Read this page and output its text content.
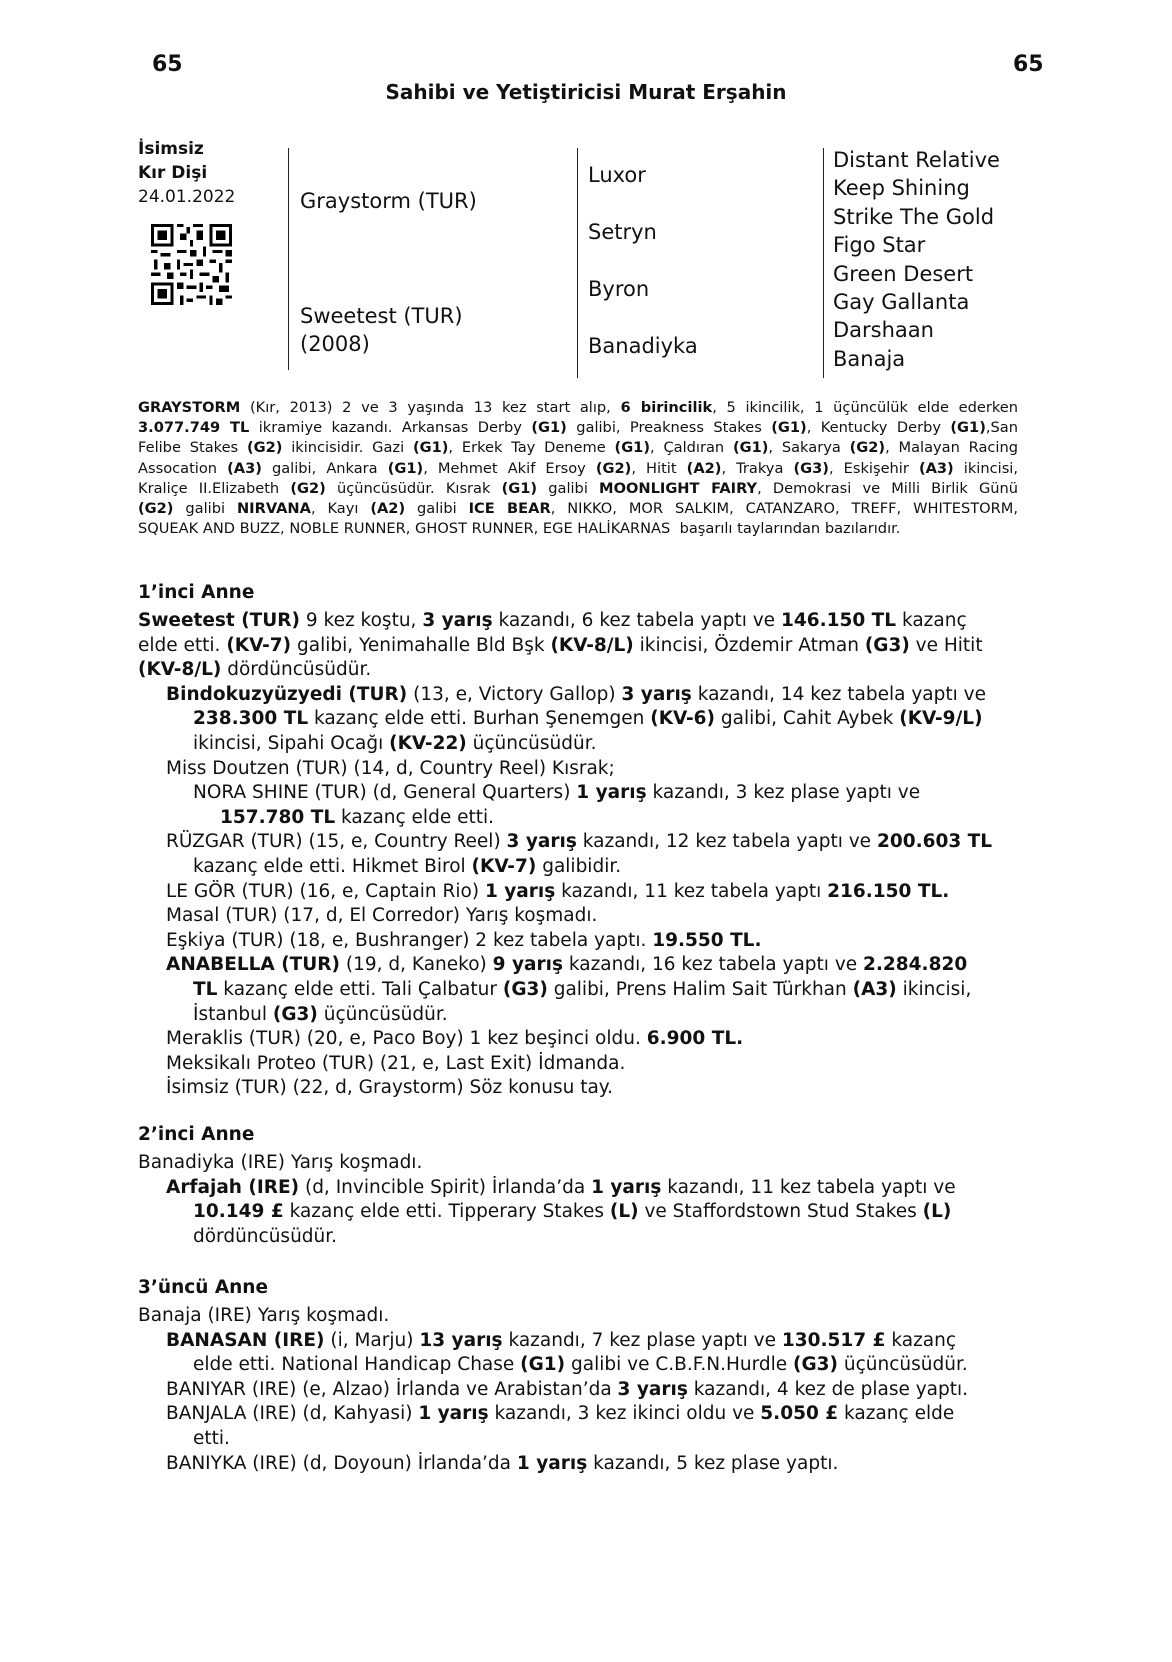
65	65
Sahibi ve Yetiştiricisi Murat Erşahin
İsimsiz
Kır Dişi
24.01.2022	Graystorm (TUR)
Sweetest (TUR)
(2008)
Luxor
Setryn
Byron
Banadiyka
Distant Relative
Keep Shining
Strike The Gold
Figo Star
Green Desert
Gay Gallanta
Darshaan
Banaja
GRAYSTORM (Kır, 2013) 2 ve 3 yaşında 13 kez start alıp, 6 birincilik, 5 ikincilik, 1 üçüncülük elde ederken
3.077.749 TL ikramiye kazandı. Arkansas Derby (G1) galibi, Preakness Stakes (G1), Kentucky Derby (G1),San
Felibe Stakes (G2) ikincisidir. Gazi (G1), Erkek Tay Deneme (G1), Çaldıran (G1), Sakarya (G2), Malayan Racing
Assocation (A3) galibi, Ankara (G1), Mehmet Akif Ersoy (G2), Hitit (A2), Trakya (G3), Eskişehir (A3) ikincisi,
Kraliçe II.Elizabeth (G2) üçüncüsüdür. Kısrak (G1) galibi MOONLIGHT FAIRY, Demokrasi ve Milli Birlik Günü
(G2) galibi NIRVANA, Kayı (A2) galibi ICE BEAR, NIKKO, MOR SALKIM, CATANZARO, TREFF, WHITESTORM,
SQUEAK AND BUZZ, NOBLE RUNNER, GHOST RUNNER, EGE HALİKARNAS  başarılı taylarından bazılarıdır.
1’inci Anne
Sweetest (TUR) 9 kez koştu, 3 yarış kazandı, 6 kez tabela yaptı ve 146.150 TL kazanç
elde etti. (KV-7) galibi, Yenimahalle Bld Bşk (KV-8/L) ikincisi, Özdemir Atman (G3) ve Hitit
(KV-8/L) dördüncüsüdür.
Bindokuzyüzyedi (TUR) (13, e, Victory Gallop) 3 yarış kazandı, 14 kez tabela yaptı ve
238.300 TL kazanç elde etti. Burhan Şenemgen (KV-6) galibi, Cahit Aybek (KV-9/L)
ikincisi, Sipahi Ocağı (KV-22) üçüncüsüdür.
Miss Doutzen (TUR) (14, d, Country Reel) Kısrak;
NORA SHINE (TUR) (d, General Quarters) 1 yarış kazandı, 3 kez plase yaptı ve
157.780 TL kazanç elde etti.
RÜZGAR (TUR) (15, e, Country Reel) 3 yarış kazandı, 12 kez tabela yaptı ve 200.603 TL
kazanç elde etti. Hikmet Birol (KV-7) galibidir.
LE GÖR (TUR) (16, e, Captain Rio) 1 yarış kazandı, 11 kez tabela yaptı 216.150 TL.
Masal (TUR) (17, d, El Corredor) Yarış koşmadı.
Eşkiya (TUR) (18, e, Bushranger) 2 kez tabela yaptı. 19.550 TL.
ANABELLA (TUR) (19, d, Kaneko) 9 yarış kazandı, 16 kez tabela yaptı ve 2.284.820
TL kazanç elde etti. Tali Çalbatur (G3) galibi, Prens Halim Sait Türkhan (A3) ikincisi,
İstanbul (G3) üçüncüsüdür.
Meraklis (TUR) (20, e, Paco Boy) 1 kez beşinci oldu. 6.900 TL.
Meksikalı Proteo (TUR) (21, e, Last Exit) İdmanda.
İsimsiz (TUR) (22, d, Graystorm) Söz konusu tay.
2’inci Anne
Banadiyka (IRE) Yarış koşmadı.
Arfajah (IRE) (d, Invincible Spirit) İrlanda’da 1 yarış kazandı, 11 kez tabela yaptı ve
10.149 £ kazanç elde etti. Tipperary Stakes (L) ve Staffordstown Stud Stakes (L)
dördüncüsüdür.
3’üncü Anne
Banaja (IRE) Yarış koşmadı.
BANASAN (IRE) (i, Marju) 13 yarış kazandı, 7 kez plase yaptı ve 130.517 £ kazanç
elde etti. National Handicap Chase (G1) galibi ve C.B.F.N.Hurdle (G3) üçüncüsüdür.
BANIYAR (IRE) (e, Alzao) İrlanda ve Arabistan’da 3 yarış kazandı, 4 kez de plase yaptı.
BANJALA (IRE) (d, Kahyasi) 1 yarış kazandı, 3 kez ikinci oldu ve 5.050 £ kazanç elde
etti.
BANIYKA (IRE) (d, Doyoun) İrlanda’da 1 yarış kazandı, 5 kez plase yaptı.
